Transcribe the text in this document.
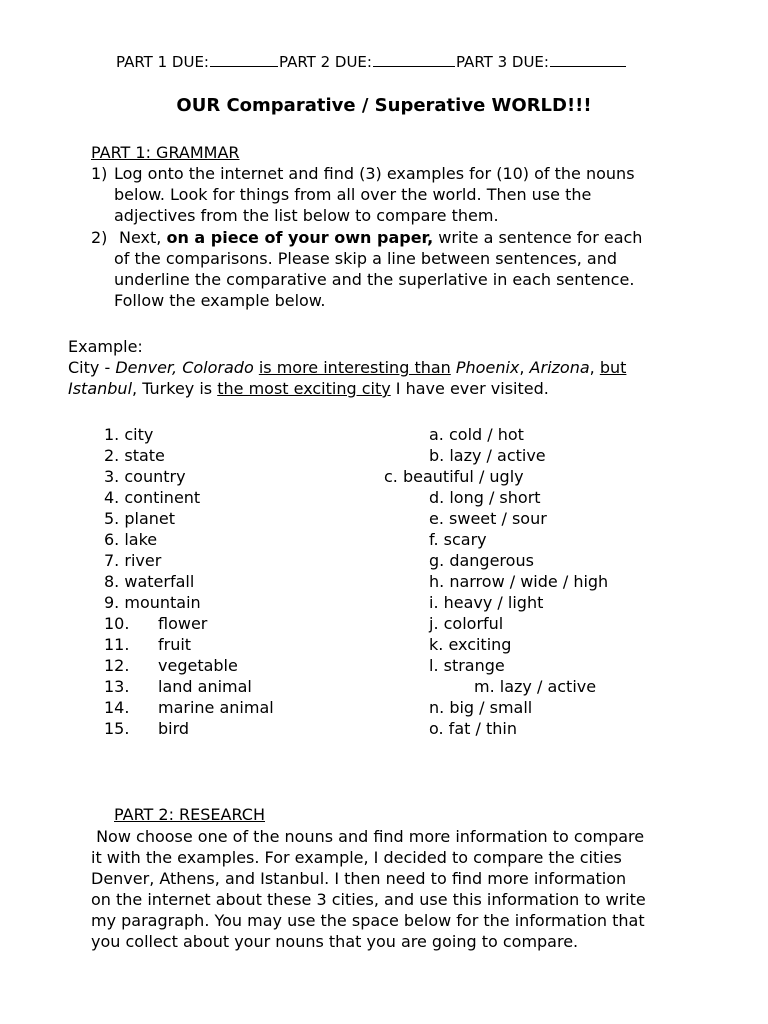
PART 1 DUE:	PART 2 DUE:	PART 3 DUE:
OUR Comparative / Superative WORLD!!!
PART 1: GRAMMAR
1) Log onto the internet and find (3) examples for (10) of the nouns
below. Look for things from all over the world. Then use the
adjectives from the list below to compare them.
2) Next, on a piece of your own paper, write a sentence for each
of the comparisons. Please skip a line between sentences, and
underline the comparative and the superlative in each sentence.
Follow the example below.
Example:
City - Denver, Colorado is more interesting than Phoenix, Arizona, but
Istanbul, Turkey is the most exciting city I have ever visited.
1. city
2. state
3. country
4. continent
5. planet
6. lake
7. river
8. waterfall
9. mountain
10. flower
11. fruit
12. vegetable
13. land animal
14. marine animal
15. bird
a. cold / hot
b. lazy / active
c. beautiful / ugly
d. long / short
e. sweet / sour
f. scary
g. dangerous
h. narrow / wide / high
i. heavy / light
j. colorful
k. exciting
l. strange
m. lazy / active
n. big / small
o. fat / thin
PART 2: RESEARCH
Now choose one of the nouns and find more information to compare
it with the examples. For example, I decided to compare the cities
Denver, Athens, and Istanbul. I then need to find more information
on the internet about these 3 cities, and use this information to write
my paragraph. You may use the space below for the information that
you collect about your nouns that you are going to compare.
